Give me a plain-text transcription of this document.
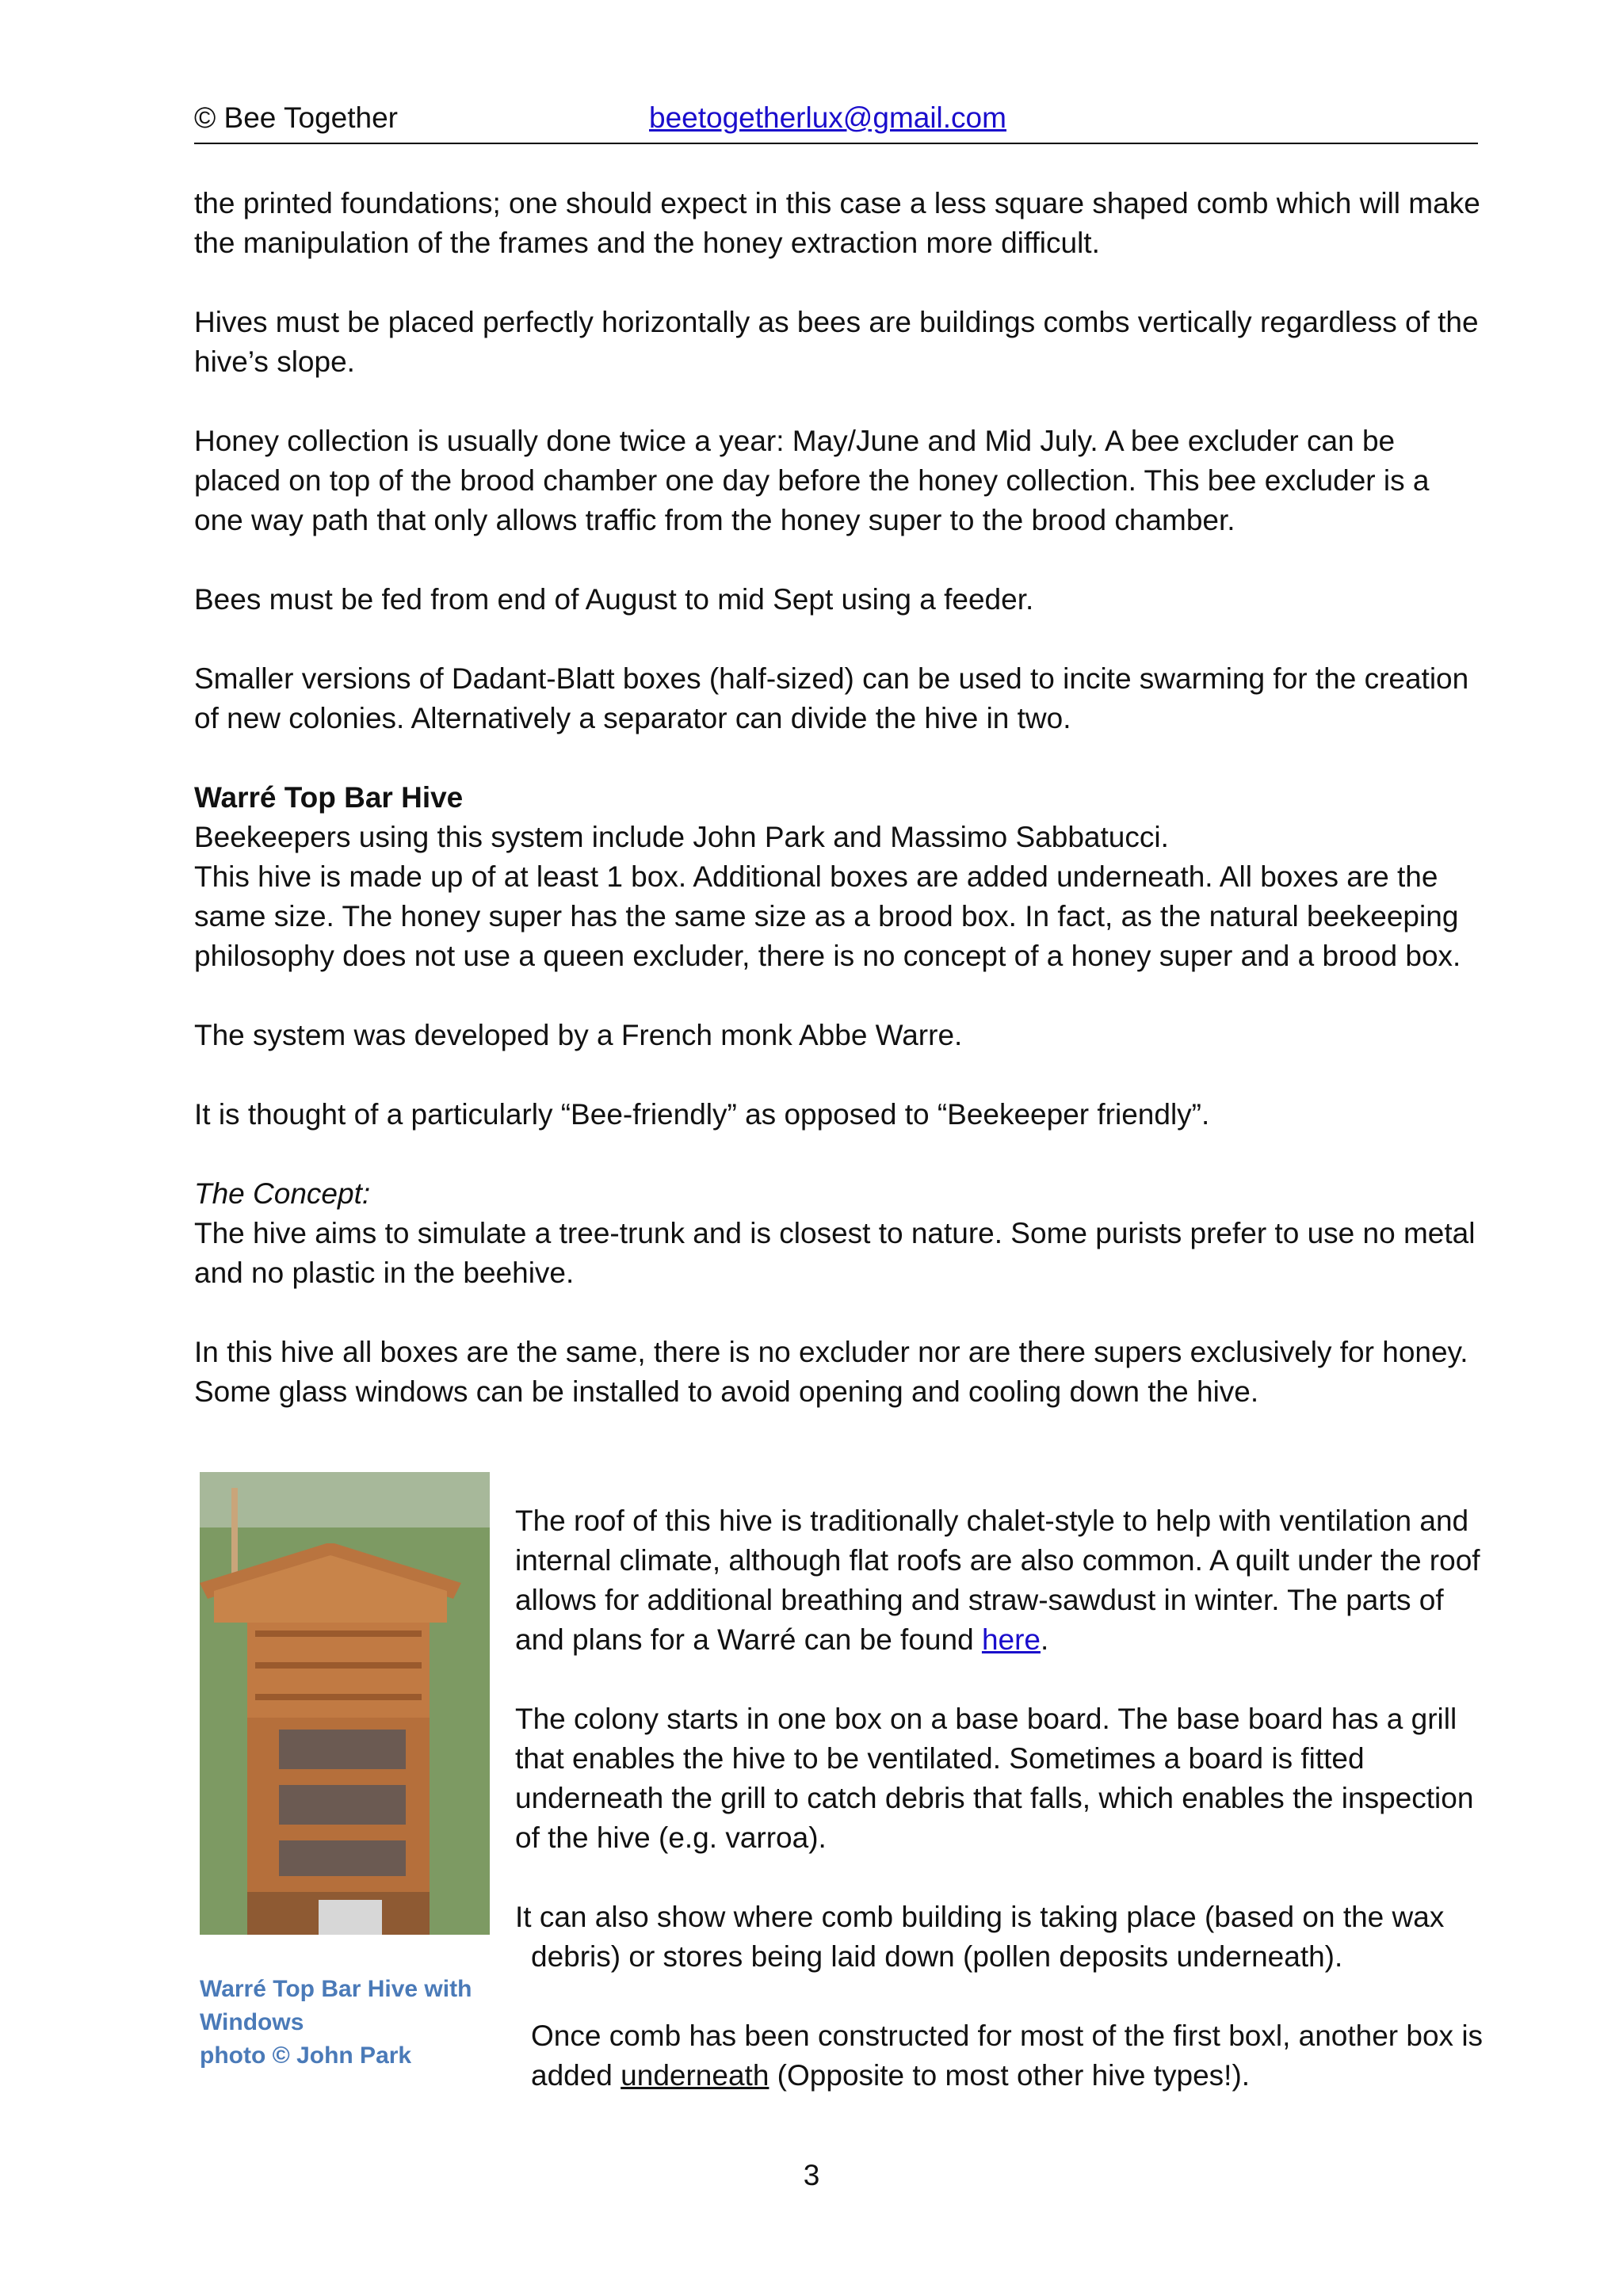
© Bee Together	beetogetherlux@gmail.com

the printed foundations; one should expect in this case a less square shaped comb which will make the manipulation of the frames and the honey extraction more difficult.

Hives must be placed perfectly horizontally as bees are buildings combs vertically regardless of the hive’s slope.

Honey collection is usually done twice a year: May/June and Mid July. A bee excluder can be placed on top of the brood chamber one day before the honey collection. This bee excluder is a one way path that only allows traffic from the honey super to the brood chamber.

Bees must be fed from end of August to mid Sept using a feeder.

Smaller versions of Dadant-Blatt boxes (half-sized) can be used to incite swarming for the creation of new colonies. Alternatively a separator can divide the hive in two.

Warré Top Bar Hive

Beekeepers using this system include John Park and Massimo Sabbatucci.

This hive is made up of at least 1 box. Additional boxes are added underneath. All boxes are the same size. The honey super has the same size as a brood box. In fact, as the natural beekeeping philosophy does not use a queen excluder, there is no concept of a honey super and a brood box.

The system was developed by a French monk Abbe Warre.

It is thought of a particularly “Bee-friendly” as opposed to “Beekeeper friendly”.

The Concept:

The hive aims to simulate a tree-trunk and is closest to nature. Some purists prefer to use no metal and no plastic in the beehive.

In this hive all boxes are the same, there is no excluder nor are there supers exclusively for honey. Some glass windows can be installed to avoid opening and cooling down the hive.

Warré Top Bar Hive with
Windows
photo © John Park

The roof of this hive is traditionally chalet-style to help with ventilation and internal climate, although flat roofs are also common. A quilt under the roof allows for additional breathing and straw-sawdust in winter. The parts of and plans for a Warré can be found here.

The colony starts in one box on a base board. The base board has a grill that enables the hive to be ventilated. Sometimes a board is fitted underneath the grill to catch debris that falls, which enables the inspection of the hive (e.g. varroa).

It can also show where comb building is taking place (based on the wax
debris) or stores being laid down (pollen deposits underneath).

Once comb has been constructed for most of the first boxl, another box is added underneath (Opposite to most other hive types!).

3
